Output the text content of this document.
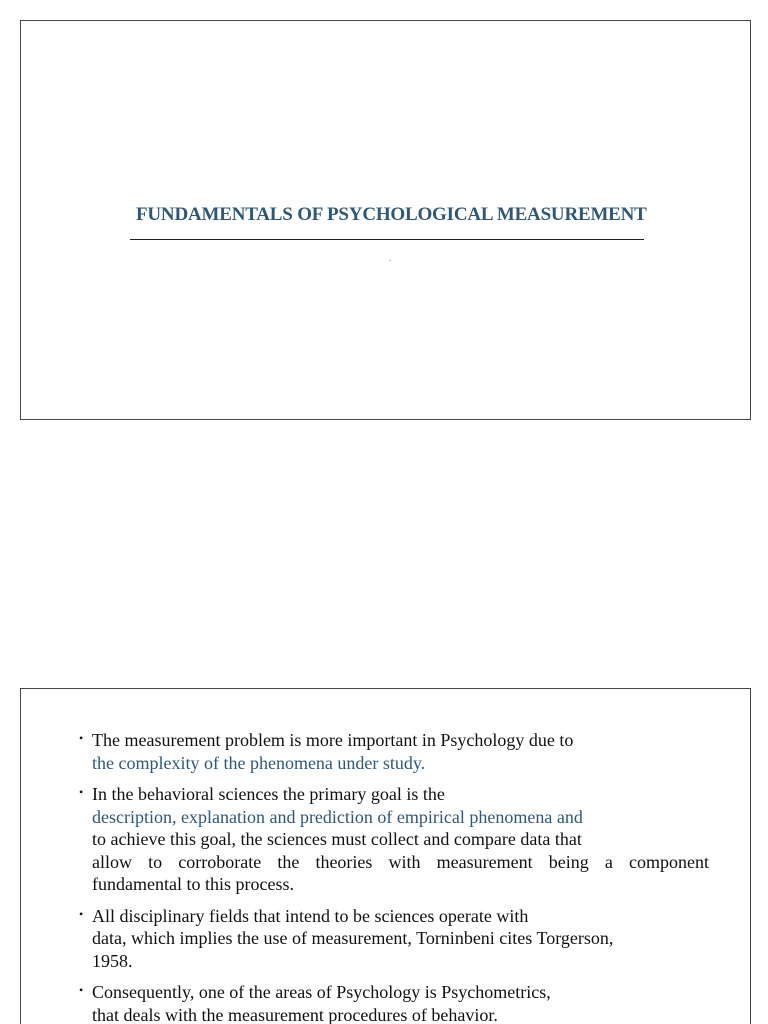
FUNDAMENTALS OF PSYCHOLOGICAL MEASUREMENT
.
• The measurement problem is more important in Psychology due to
the complexity of the phenomena under study.
• In the behavioral sciences the primary goal is the
description, explanation and prediction of empirical phenomena and
to achieve this goal, the sciences must collect and compare data that
allow to corroborate the theories with measurement being a component
fundamental to this process.
• All disciplinary fields that intend to be sciences operate with
data, which implies the use of measurement, Torninbeni cites Torgerson,
1958.
• Consequently, one of the areas of Psychology is Psychometrics,
that deals with the measurement procedures of behavior.
